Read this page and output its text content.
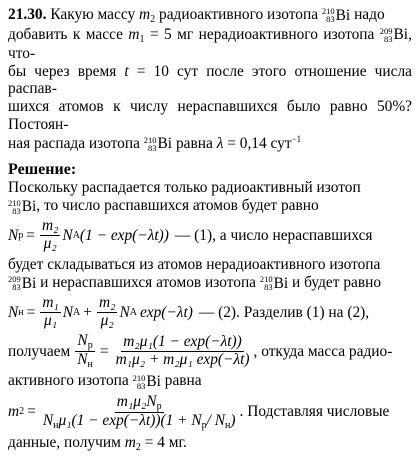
21.30. Какую массу $m_2$ радиоактивного изотопа 210
83 Bi надо

добавить к массе $m_1 = 5$ мг нерадиоактивного изотопа 209
83 Bi , что-

бы через время t = 10 сут после этого отношение числа распав-

шихся атомов к числу нераспавшихся было равно 50%? Постоян-

ная распада изотопа 210
83 Bi равна λ = 0,14 сут$^{-1}$

Решение:

Поскольку распадается только радиоактивный изотоп

210
83 Bi , то число распавшихся атомов будет равно

N $р = \frac{\text{m₂}}{\text{μ₂}}$ N A (1 − exp(−λt)) — (1), а число нераспавшихся

будет складываться из атомов нерадиоактивного изотопа

209
83 Bi и нераспавшихся атомов изотопа 210
83 Bi и будет равно

N $н = \frac{\text{m₁}}{\text{μ₁}}$ N $A + \frac{\text{m₂}}{\text{μ₂}}$ N A exp(−λt) — (2). Разделив (1) на (2),
получаем $\frac{N_р}{N_н} = \frac{\text{m₂μ₁(1 − exp(−λt))}}{\text{m₁μ₂ + m₂μ₁ exp(−λt)}}$ , откуда масса радио-

активного изотопа 210
83 Bi равна

m $2 = \frac{m_1\mu_2N_р}{N_н\mu_1(1 - \exp(-\lambda t))(1 + N_р/ N_н)}$ . Подставляя числовые

данные, получим $m_2 = 4$ мг.
